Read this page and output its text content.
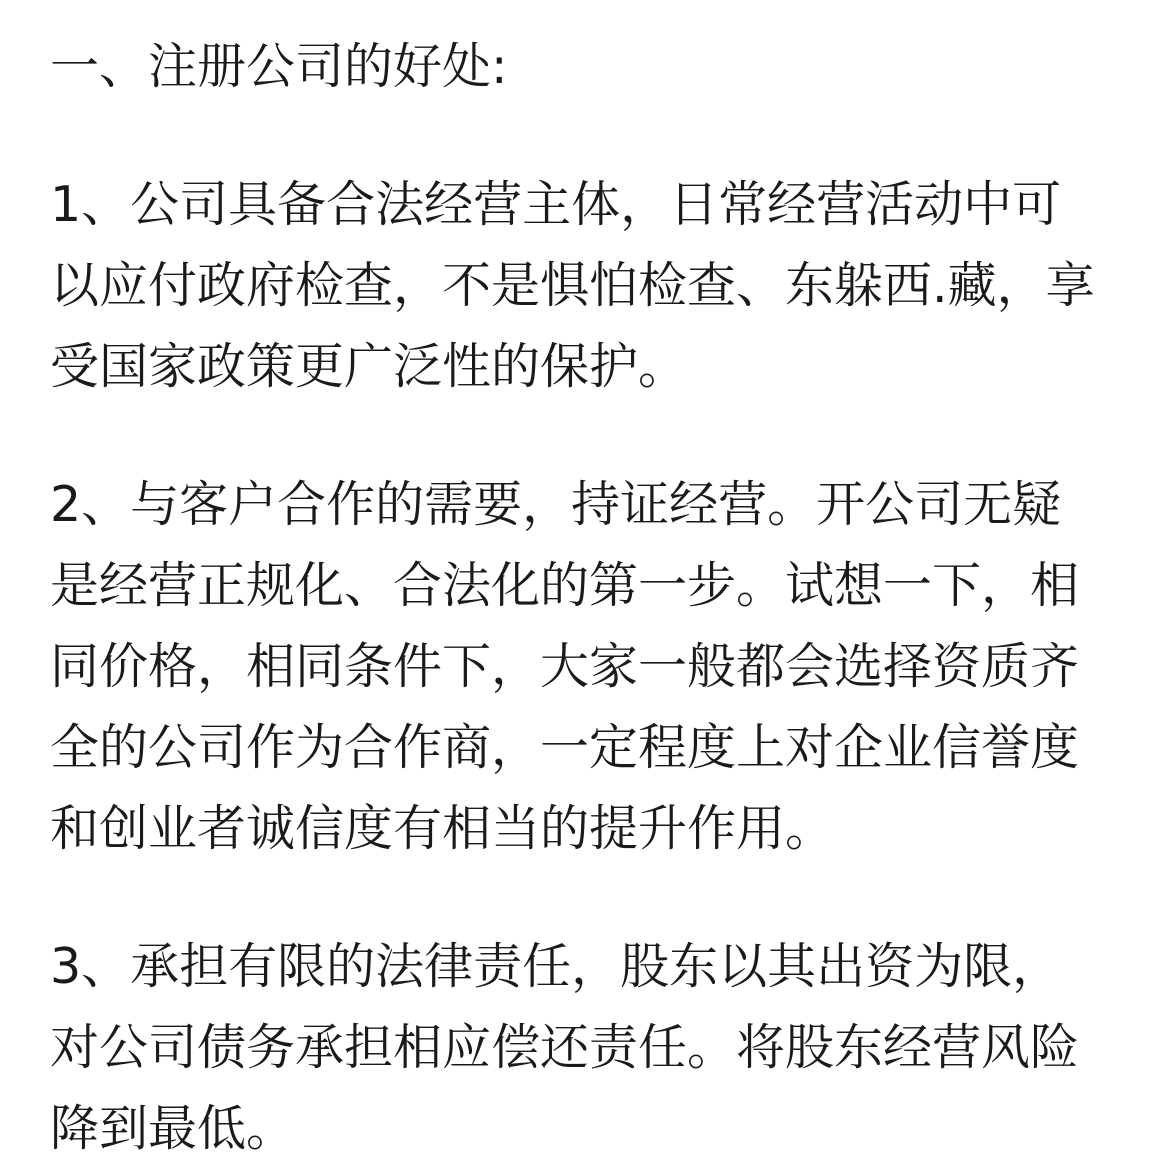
一、注册公司的好处:

1、公司具备合法经营主体，日常经营活动中可以应付政府检查，不是惧怕检查、东躲西.藏，享受国家政策更广泛性的保护。

2、与客户合作的需要，持证经营。开公司无疑是经营正规化、合法化的第一步。试想一下，相同价格，相同条件下，大家一般都会选择资质齐全的公司作为合作商，一定程度上对企业信誉度和创业者诚信度有相当的提升作用。

3、承担有限的法律责任，股东以其出资为限，对公司债务承担相应偿还责任。将股东经营风险降到最低。
